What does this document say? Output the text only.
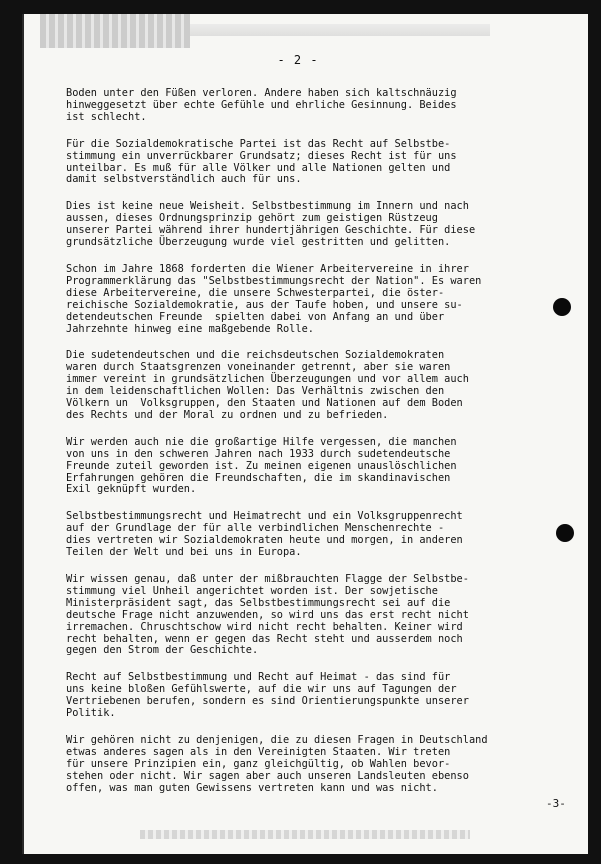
- 2 -
Boden unter den Füßen verloren. Andere haben sich kaltschnäuzig
hinweggesetzt über echte Gefühle und ehrliche Gesinnung. Beides
ist schlecht.
Für die Sozialdemokratische Partei ist das Recht auf Selbstbe-
stimmung ein unverrückbarer Grundsatz; dieses Recht ist für uns
unteilbar. Es muß für alle Völker und alle Nationen gelten und
damit selbstverständlich auch für uns.
Dies ist keine neue Weisheit. Selbstbestimmung im Innern und nach
aussen, dieses Ordnungsprinzip gehört zum geistigen Rüstzeug
unserer Partei während ihrer hundertjährigen Geschichte. Für diese
grundsätzliche Überzeugung wurde viel gestritten und gelitten.
Schon im Jahre 1868 forderten die Wiener Arbeitervereine in ihrer
Programmerklärung das "Selbstbestimmungsrecht der Nation". Es waren
diese Arbeitervereine, die unsere Schwesterpartei, die öster-
reichische Sozialdemokratie, aus der Taufe hoben, und unsere su-
detendeutschen Freunde  spielten dabei von Anfang an und über
Jahrzehnte hinweg eine maßgebende Rolle.
Die sudetendeutschen und die reichsdeutschen Sozialdemokraten
waren durch Staatsgrenzen voneinander getrennt, aber sie waren
immer vereint in grundsätzlichen Überzeugungen und vor allem auch
in dem leidenschaftlichen Wollen: Das Verhältnis zwischen den
Völkern un  Volksgruppen, den Staaten und Nationen auf dem Boden
des Rechts und der Moral zu ordnen und zu befrieden.
Wir werden auch nie die großartige Hilfe vergessen, die manchen
von uns in den schweren Jahren nach 1933 durch sudetendeutsche
Freunde zuteil geworden ist. Zu meinen eigenen unauslöschlichen
Erfahrungen gehören die Freundschaften, die im skandinavischen
Exil geknüpft wurden.
Selbstbestimmungsrecht und Heimatrecht und ein Volksgruppenrecht
auf der Grundlage der für alle verbindlichen Menschenrechte -
dies vertreten wir Sozialdemokraten heute und morgen, in anderen
Teilen der Welt und bei uns in Europa.
Wir wissen genau, daß unter der mißbrauchten Flagge der Selbstbe-
stimmung viel Unheil angerichtet worden ist. Der sowjetische
Ministerpräsident sagt, das Selbstbestimmungsrecht sei auf die
deutsche Frage nicht anzuwenden, so wird uns das erst recht nicht
irremachen. Chruschtschow wird nicht recht behalten. Keiner wird
recht behalten, wenn er gegen das Recht steht und ausserdem noch
gegen den Strom der Geschichte.
Recht auf Selbstbestimmung und Recht auf Heimat - das sind für
uns keine bloßen Gefühlswerte, auf die wir uns auf Tagungen der
Vertriebenen berufen, sondern es sind Orientierungspunkte unserer
Politik.
Wir gehören nicht zu denjenigen, die zu diesen Fragen in Deutschland
etwas anderes sagen als in den Vereinigten Staaten. Wir treten
für unsere Prinzipien ein, ganz gleichgültig, ob Wahlen bevor-
stehen oder nicht. Wir sagen aber auch unseren Landsleuten ebenso
offen, was man guten Gewissens vertreten kann und was nicht.
-3-
